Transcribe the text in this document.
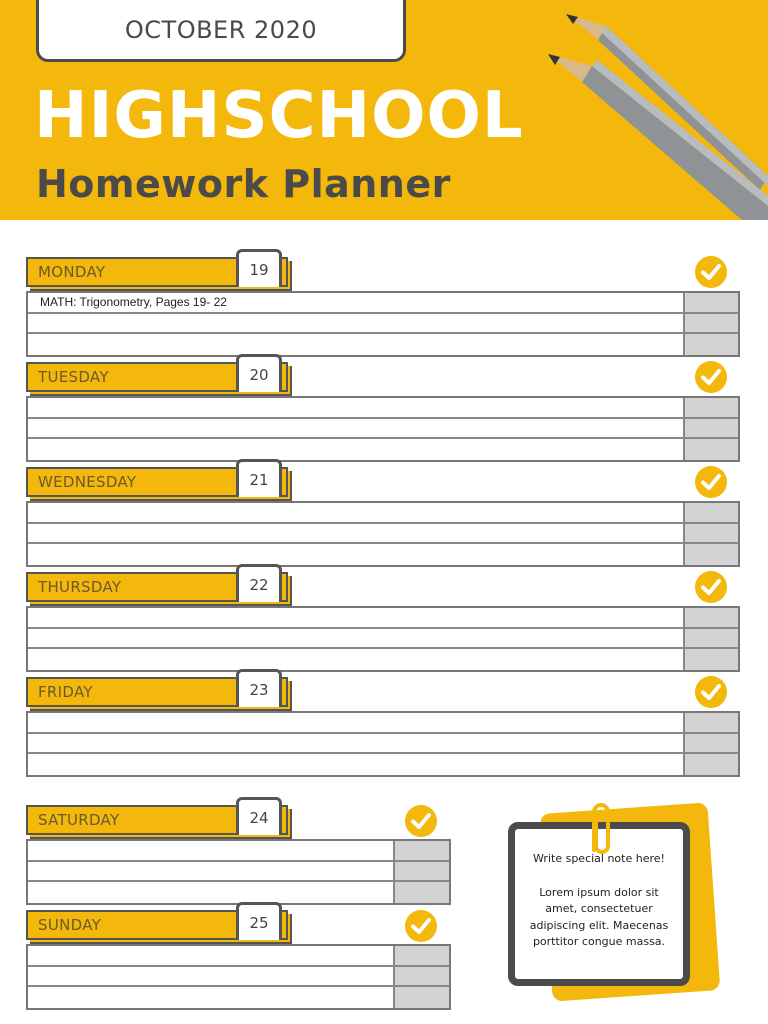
OCTOBER 2020
HIGHSCHOOL
Homework Planner
MONDAY	19
MATH: Trigonometry, Pages 19- 22
TUESDAY	20
WEDNESDAY	21
THURSDAY	22
FRIDAY	23
SATURDAY	24
SUNDAY	25
Write special note here!
Lorem ipsum dolor sit amet, consectetuer adipiscing elit. Maecenas porttitor congue massa.
